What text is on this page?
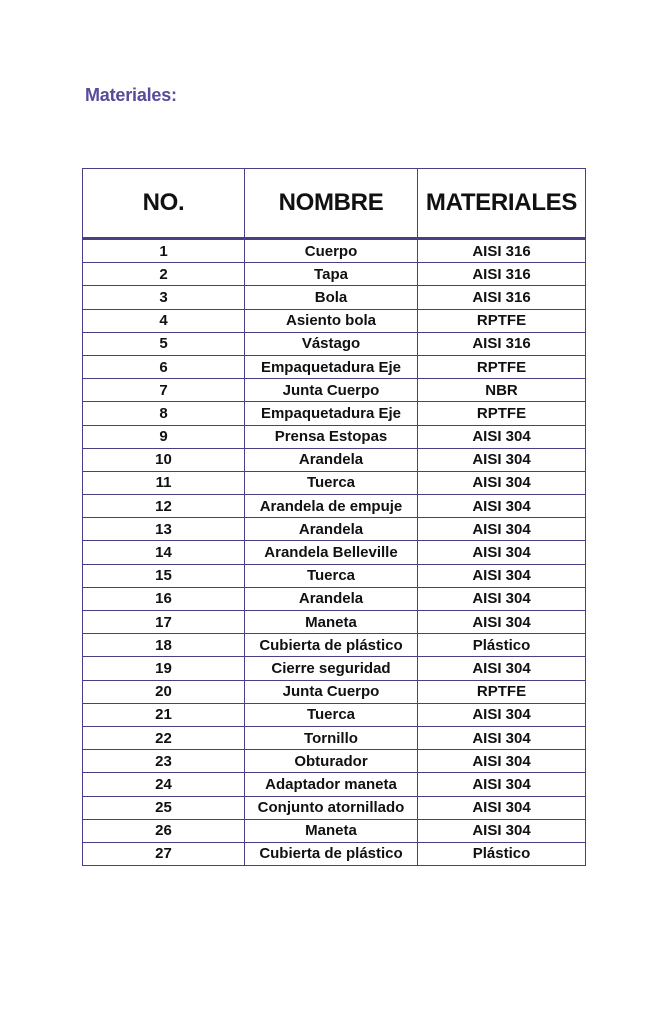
Materiales:
NO.	NOMBRE	MATERIALES
1	Cuerpo	AISI 316
2	Tapa	AISI 316
3	Bola	AISI 316
4	Asiento bola	RPTFE
5	Vástago	AISI 316
6	Empaquetadura Eje	RPTFE
7	Junta Cuerpo	NBR
8	Empaquetadura Eje	RPTFE
9	Prensa Estopas	AISI 304
10	Arandela	AISI 304
11	Tuerca	AISI 304
12	Arandela de empuje	AISI 304
13	Arandela	AISI 304
14	Arandela Belleville	AISI 304
15	Tuerca	AISI 304
16	Arandela	AISI 304
17	Maneta	AISI 304
18	Cubierta de plástico	Plástico
19	Cierre seguridad	AISI 304
20	Junta Cuerpo	RPTFE
21	Tuerca	AISI 304
22	Tornillo	AISI 304
23	Obturador	AISI 304
24	Adaptador maneta	AISI 304
25	Conjunto atornillado	AISI 304
26	Maneta	AISI 304
27	Cubierta de plástico	Plástico
